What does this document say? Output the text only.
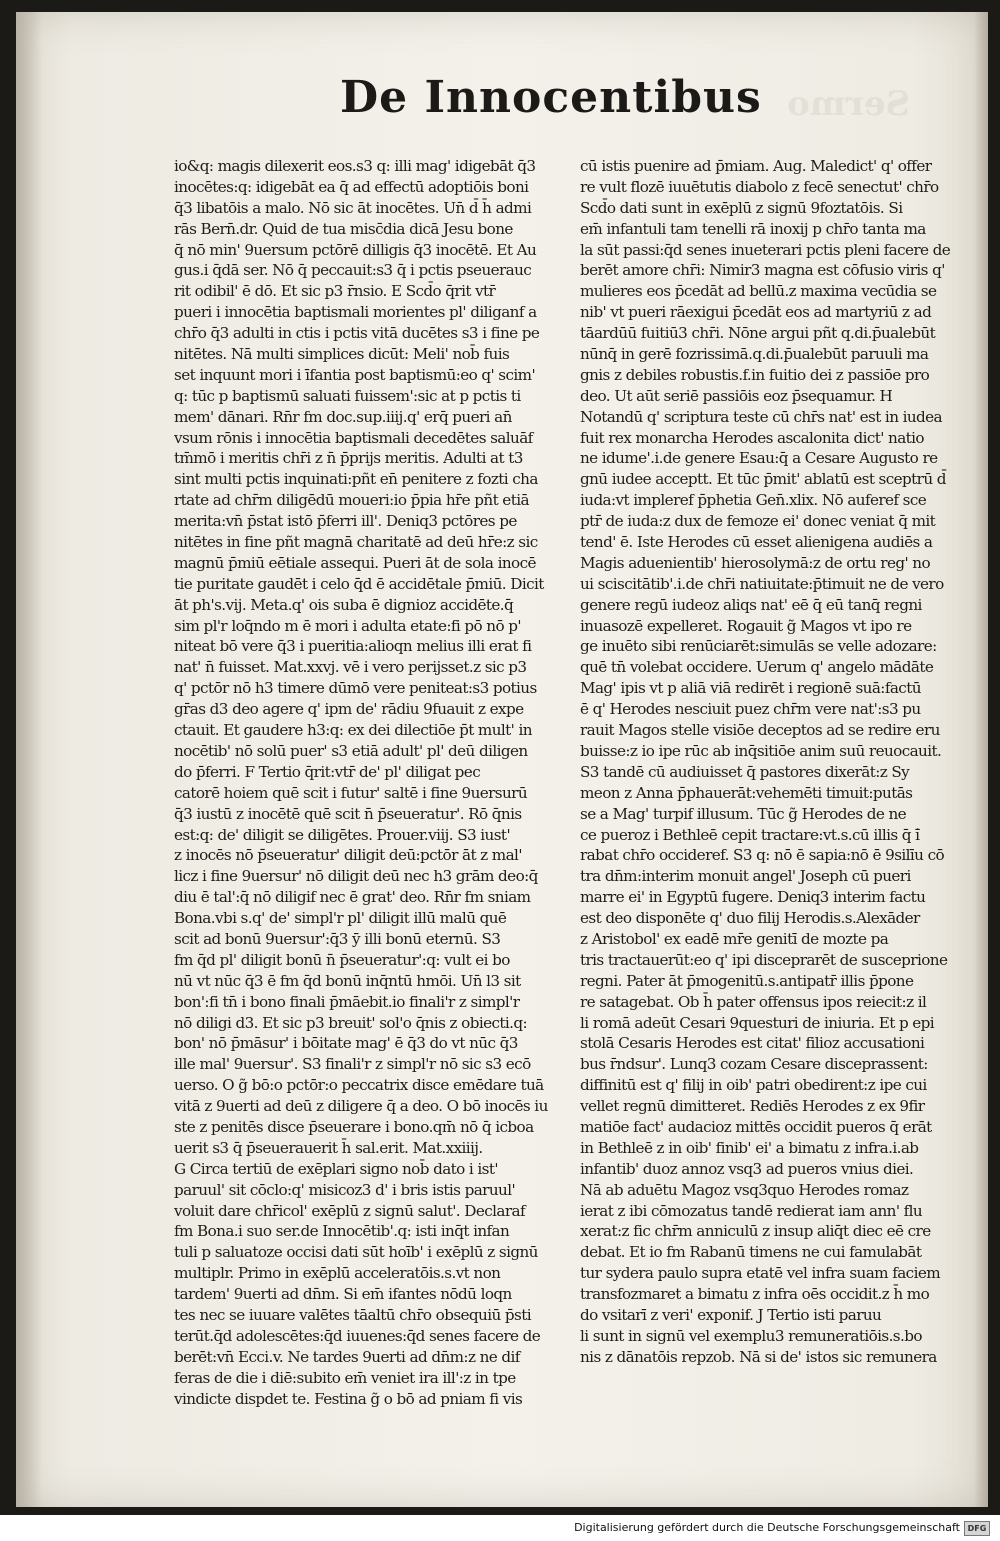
Sermo
De Innocentibus
io&q: magis dilexerit eos.s3 q: illi mag' idigebāt q̄3
inocētes:q: idigebāt ea q̄ ad effectū adoptiōis boni
q̄3 libatōis a malo. Nō sic āt inocētes. Un̄ d̄ h̄ admi
rās Bern̄.dr. Quid de tua misc̄dia dicā Jesu bone
q̄ nō min' 9uersum pctōrē dilligis q̄3 inocētē. Et Au
gus.i q̄dā ser. Nō q̄ peccauit:s3 q̄ i pctis pseuerauc
rit odibil' ē dō. Et sic p3 r̄nsio. E Scd̄o q̄rit vtr̄
pueri i innocētia baptismali morientes pl' diliganf a
chr̄o q̄3 adulti in ctis i pctis vitā ducētes s3 i fine pe
nitētes. Nā multi simplices dicūt: Meli' nob̄ fuis
set inquunt mori i īfantia post baptismū:eo q' scim'
q: tūc p baptismū saluati fuissem':sic at p pctis ti
mem' dānari. Rn̄r fm doc.sup.iiij.q' erq̄ pueri an̄
vsum rōnis i innocētia baptismali decedētes saluāf
tm̄mō i meritis chr̄i z n̄ p̄prijs meritis. Adulti at t3
sint multi pctis inquinati:pñt en̄ penitere z fozti cha
rtate ad chr̄m diligēdū moueri:io p̄pia hr̄e pñt etiā
merita:vn̄ p̄stat istō p̄ferri ill'. Deniq3 pctōres pe
nitētes in fine pñt magnā charitatē ad deū hr̄e:z sic
magnū p̄miū eētiale assequi. Pueri āt de sola inocē
tie puritate gaudēt i celo q̄d ē accidētale p̄miū. Dicit
āt ph's.vij. Meta.q' ois suba ē dignioz accidēte.q̄
sim pl'r loq̄ndo m ē mori i adulta etate:fi pō nō p'
niteat bō vere q̄3 i pueritia:alioqn melius illi erat fi
nat' n̄ fuisset. Mat.xxvj. vē i vero perijsset.z sic p3
q' pctōr nō h3 timere dūmō vere peniteat:s3 potius
gr̄as d3 deo agere q' ipm de' rādiu 9fuauit z expe
ctauit. Et gaudere h3:q: ex dei dilectiōe p̄t mult' in
nocētib' nō solū puer' s3 etiā adult' pl' deū diligen
do p̄ferri. F Tertio q̄rit:vtr̄ de' pl' diligat pec
catorē hoiem quē scit i futur' saltē i fine 9uersurū
q̄3 iustū z inocētē quē scit n̄ p̄seueratur'. Rō q̄nis
est:q: de' diligit se diligētes. Prouer.viij. S3 iust'
z inocēs nō p̄seueratur' diligit deū:pctōr āt z mal'
licz i fine 9uersur' nō diligit deū nec h3 grām deo:q̄
diu ē tal':q̄ nō diligif nec ē grat' deo. Rn̄r fm sniam
Bona.vbi s.q' de' simpl'r pl' diligit illū malū quē
scit ad bonū 9uersur':q̄3 ȳ illi bonū eternū. S3
fm q̄d pl' diligit bonū n̄ p̄seueratur':q: vult ei bo
nū vt nūc q̄3 ē fm q̄d bonū inq̄ntū hmōi. Un̄ l3 sit
bon':fi tn̄ i bono finali p̄māebit.io finali'r z simpl'r
nō diligi d3. Et sic p3 breuit' sol'o q̄nis z obiecti.q:
bon' nō p̄māsur' i bōitate mag' ē q̄3 do vt nūc q̄3
ille mal' 9uersur'. S3 finali'r z simpl'r nō sic s3 ecō
uerso. O g̃ bō:o pctōr:o peccatrix disce emēdare tuā
vitā z 9uerti ad deū z diligere q̄ a deo. O bō inocēs iu
ste z penitēs disce p̄seuerare i bono.qm̄ nō q̄ icboa
uerit s3 q̄ p̄seuerauerit h̄ sal.erit. Mat.xxiiij.
G Circa tertiū de exēplari signo nob̄ dato i ist'
paruul' sit cōclo:q' misicoz3 d' i bris istis paruul'
voluit dare chr̄icol' exēplū z signū salut'. Declaraf
fm Bona.i suo ser.de Innocētib'.q: isti inq̄t infan
tuli p saluatoze occisi dati sūt hoīb' i exēplū z signū
multiplr. Primo in exēplū acceleratōis.s.vt non
tardem' 9uerti ad dn̄m. Si em̄ ifantes nōdū loqn
tes nec se iuuare valētes tāaltū chr̄o obsequiū p̄sti
terūt.q̄d adolescētes:q̄d iuuenes:q̄d senes facere de
berēt:vn̄ Ecci.v. Ne tardes 9uerti ad dn̄m:z ne dif
feras de die i diē:subito em̄ veniet ira ill':z in tpe
vindicte dispdet te. Festina g̃ o bō ad pniam fi vis
cū istis puenire ad p̄miam. Aug. Maledict' q' offer
re vult flozē iuuētutis diabolo z fecē senectut' chr̄o
Scd̄o dati sunt in exēplū z signū 9foztatōis. Si
em̄ infantuli tam tenelli rā inoxij p chr̄o tanta ma
la sūt passi:q̄d senes inueterari pctis pleni facere de
berēt amore chr̄i: Nimir3 magna est cōfusio viris q'
mulieres eos p̄cedāt ad bellū.z maxima vecūdia se
nib' vt pueri rāexigui p̄cedāt eos ad martyriū z ad
tāardūū fuitiū3 chr̄i. Nōne argui pñt q.di.p̄ualebūt
nūnq̄ in gerē fozrissimā.q.di.p̄ualebūt paruuli ma
gnis z debiles robustis.f.in fuitio dei z passiōe pro
deo. Ut aūt seriē passiōis eoz p̄sequamur. H
Notandū q' scriptura teste cū chr̄s nat' est in iudea
fuit rex monarcha Herodes ascalonita dict' natio
ne idume'.i.de genere Esau:q̄ a Cesare Augusto re
gnū iudee acceptt. Et tūc p̄mit' ablatū est sceptrū d̄
iuda:vt impleref p̄phetia Gen̄.xlix. Nō auferef sce
ptr̄ de iuda:z dux de femoze ei' donec veniat q̄ mit
tend' ē. Iste Herodes cū esset alienigena audiēs a
Magis aduenientib' hierosolymā:z de ortu reg' no
ui sciscitātib'.i.de chr̄i natiuitate:p̄timuit ne de vero
genere regū iudeoz aliqs nat' eē q̄ eū tanq̄ regni
inuasozē expelleret. Rogauit g̃ Magos vt ipo re
ge inuēto sibi renūciarēt:simulās se velle adozare:
quē tn̄ volebat occidere. Uerum q' angelo mādāte
Mag' ipis vt p aliā viā redirēt i regionē suā:factū
ē q' Herodes nesciuit puez chr̄m vere nat':s3 pu
rauit Magos stelle visiōe deceptos ad se redire eru
buisse:z io ipe rūc ab inq̄sitiōe anim suū reuocauit.
S3 tandē cū audiuisset q̄ pastores dixerāt:z Sy
meon z Anna p̄phauerāt:vehemēti timuit:putās
se a Mag' turpif illusum. Tūc g̃ Herodes de ne
ce pueroz i Bethleē cepit tractare:vt.s.cū illis q̄ i̇̄
rabat chr̄o occideref. S3 q: nō ē sapia:nō ē 9silīu cō
tra dn̄m:interim monuit angel' Joseph cū pueri
marre ei' in Egyptū fugere. Deniq3 interim factu
est deo disponēte q' duo filij Herodis.s.Alexāder
z Aristobol' ex eadē mr̄e genitī de mozte pa
tris tractauerūt:eo q' ipi disceprarēt de susceprione
regni. Pater āt p̄mogenitū.s.antipatr̄ illis p̄pone
re satagebat. Ob h̄ pater offensus ipos reiecit:z il
li romā adeūt Cesari 9questuri de iniuria. Et p epi
stolā Cesaris Herodes est citat' filioz accusationi
bus r̄ndsur'. Lunq3 cozam Cesare disceprassent:
diffinitū est q' filij in oib' patri obedirent:z ipe cui
vellet regnū dimitteret. Rediēs Herodes z ex 9fir
matiōe fact' audacioz mittēs occidit pueros q̄ erāt
in Bethleē z in oib' finib' ei' a bimatu z infra.i.ab
infantib' duoz annoz vsq3 ad pueros vnius diei.
Nā ab aduētu Magoz vsq3quo Herodes romaz
ierat z ibi cōmozatus tandē redierat iam ann' flu
xerat:z fic chr̄m anniculū z insup aliq̄t diec eē cre
debat. Et io fm Rabanū timens ne cui famulabāt
tur sydera paulo supra etatē vel infra suam faciem
transfozmaret a bimatu z infra oēs occidit.z h̄ mo
do vsitarī z veri' exponif. J Tertio isti paruu
li sunt in signū vel exemplu3 remuneratiōis.s.bo
nis z dānatōis repzob. Nā si de' istos sic remunera
Digitalisierung gefördert durch die Deutsche Forschungsgemeinschaft DFG
